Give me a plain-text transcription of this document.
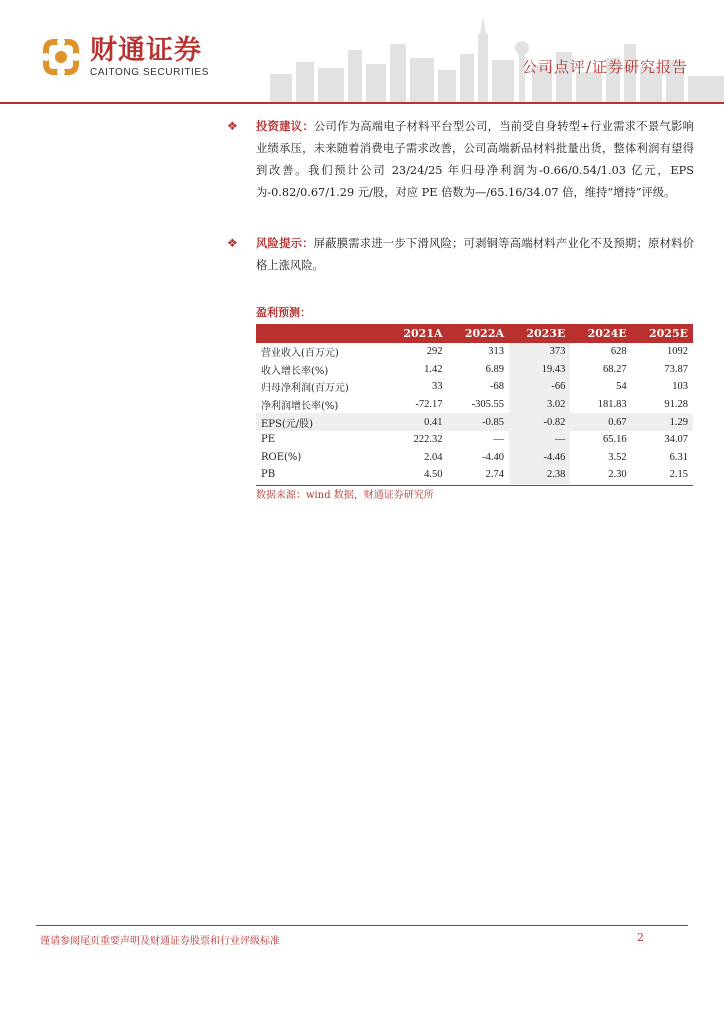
财通证券
CAITONG SECURITIES	公司点评/证券研究报告
❖ 投资建议：公司作为高端电子材料平台型公司，当前受自身转型+行业需求不景气影响业绩承压，未来随着消费电子需求改善，公司高端新品材料批量出货，整体利润有望得到改善。我们预计公司 23/24/25 年归母净利润为-0.66/0.54/1.03 亿元，EPS 为-0.82/0.67/1.29 元/股，对应 PE 倍数为—/65.16/34.07 倍，维持“增持”评级。
❖ 风险提示：屏蔽膜需求进一步下滑风险；可剥铜等高端材料产业化不及预期；原材料价格上涨风险。
盈利预测：
	2021A	2022A	2023E	2024E	2025E
营业收入(百万元)	292	313	373	628	1092
收入增长率(%)	1.42	6.89	19.43	68.27	73.87
归母净利润(百万元)	33	-68	-66	54	103
净利润增长率(%)	-72.17	-305.55	3.02	181.83	91.28
EPS(元/股)	0.41	-0.85	-0.82	0.67	1.29
PE	222.32	—	—	65.16	34.07
ROE(%)	2.04	-4.40	-4.46	3.52	6.31
PB	4.50	2.74	2.38	2.30	2.15
数据来源：wind 数据，财通证券研究所
谨请参阅尾页重要声明及财通证券股票和行业评级标准	2
